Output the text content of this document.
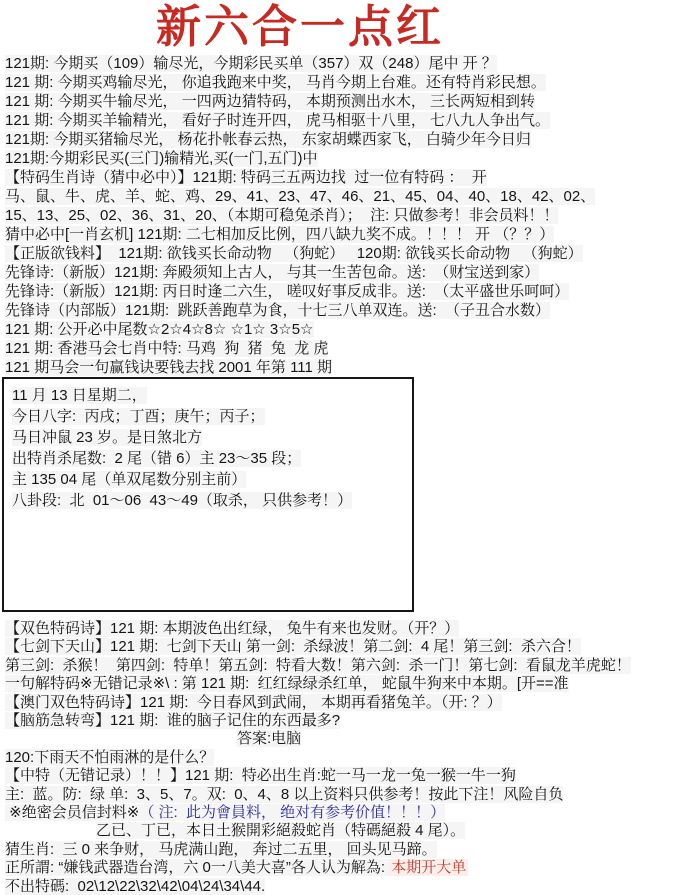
新六合一点红
121期: 今期买（109）输尽光，今期彩民买单（357）双（248）尾中 开 ？
121 期: 今期买鸡输尽光， 你追我跑来中奖， 马肖今期上台难。还有特肖彩民想。
121 期: 今期买牛输尽光， 一四两边猜特码， 本期预测出水木， 三长两短相到转
121 期: 今期买羊输精光， 看好子时连开四， 虎马相驱十八里， 七八九人争出气。
121期: 今期买猪输尽光， 杨花扑帐春云热， 东家胡蝶西家飞， 白骑少年今日归
121期:今期彩民买(三门)输精光,买(一门,五门)中
【特码生肖诗（猜中必中）】121期: 特码三五两边找  过一位有特码 ：  开
马、鼠、牛、虎、羊、蛇、鸡、29、41、23、47、46、21、45、04、40、18、42、02、
15、13、25、02、36、31、20、（本期可稳兔杀肖）；  注: 只做参考！非会员料！！
猜中必中[一肖玄机] 121期: 二七相加反比例，四八缺九奖不成。！！！ 开 （？？）
【正版欲钱料】  121期: 欲钱买长命动物   （狗蛇）   120期: 欲钱买长命动物   （狗蛇）
先锋诗:（新版）121期: 奔殿须知上古人， 与其一生苦包命。送:  （财宝送到家）
先锋诗:（新版）121期: 丙日时逢二六生， 嗟叹好事反成非。送:  （太平盛世乐呵呵）
先锋诗（内部版）121期:  跳跃善跑草为食，十七三八单双连。送:  （子丑合水数）
121 期: 公开必中尾数☆2☆4☆8☆ ☆1☆ 3☆5☆
121 期: 香港马会七肖中特: 马鸡  狗  猪  兔  龙 虎
121 期马会一句赢钱诀要钱去找 2001 年第 111 期
11 月 13 日星期二，
今日八字:  丙戌；丁酉；庚午；丙子；
马日冲鼠 23 岁。是日煞北方
出特肖杀尾数:  2 尾（错 6）主 23～35 段；
主 135 04 尾（单双尾数分别主前）
八卦段:  北  01～06  43～49（取杀， 只供参考！）
【双色特码诗】121 期: 本期波色出红绿， 兔牛有来也发财。（开？）
【七剑下天山】121 期:  七剑下天山 第一剑:  杀绿波！第二剑:  4 尾！第三剑:  杀六合！
第三剑:  杀猴！  第四剑:  特单！第五剑:  特看大数！第六剑:  杀一门！第七剑:  看鼠龙羊虎蛇！
一句解特码※无错记录※\ : 第 121 期:  红红绿绿杀红单， 蛇鼠牛狗来中本期。[开==准
【澳门双色特码诗】121 期:  今日春风到武闹， 本期再看猪兔羊。（开: ？）
【脑筋急转弯】121 期:  谁的脑子记住的东西最多?
答案:电脑
120:下雨天不怕雨淋的是什么？
【中特（无错记录）！！】121 期:  特必出生肖:蛇一马一龙一兔一猴一牛一狗
主:  蓝。防:  绿 单:  3、5、7。双:  0、4、8 以上资料只供参考！按此下注！风险自负
※绝密会员信封料※（ 注:  此为會員料， 绝对有参考价值！！！）
乙已、丁已，本日土猴開彩絕殺蛇肖（特碼絕殺 4 尾）。
猜生肖:  三 0 来争财， 马虎满山跑， 奔过二五里， 回头见马蹄。
正所謂: “嫌钱武器造台湾，六 0一八美大喜”各人认为解為: 本期开大单
不出特碼:  02\12\22\32\42\04\24\34\44.
